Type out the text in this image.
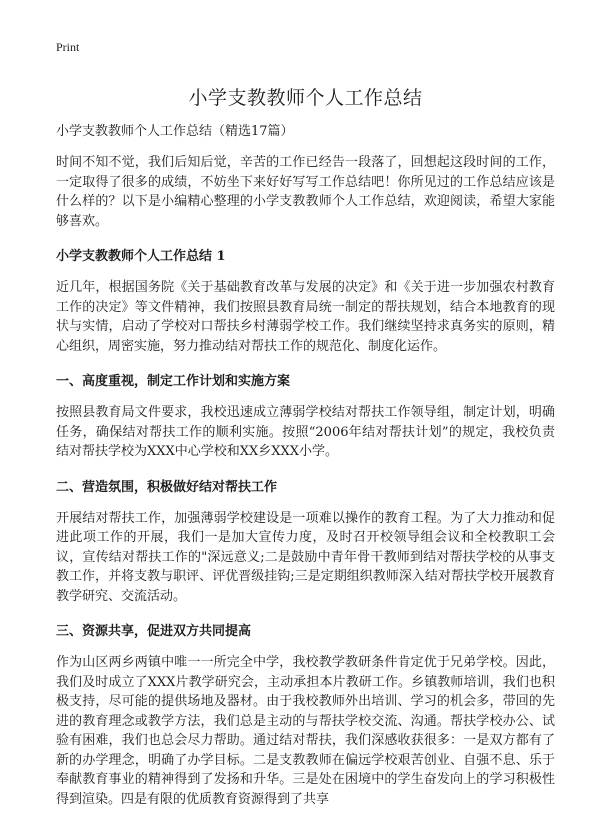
Print
小学支教教师个人工作总结
小学支教教师个人工作总结（精选17篇）

时间不知不觉，我们后知后觉，辛苦的工作已经告一段落了，回想起这段时间的工作，一定取得了很多的成绩，不妨坐下来好好写写工作总结吧！你所见过的工作总结应该是什么样的？以下是小编精心整理的小学支教教师个人工作总结，欢迎阅读，希望大家能够喜欢。

小学支教教师个人工作总结 1

近几年，根据国务院《关于基础教育改革与发展的决定》和《关于进一步加强农村教育工作的决定》等文件精神，我们按照县教育局统一制定的帮扶规划，结合本地教育的现状与实情，启动了学校对口帮扶乡村薄弱学校工作。我们继续坚持求真务实的原则，精心组织，周密实施，努力推动结对帮扶工作的规范化、制度化运作。

一、高度重视，制定工作计划和实施方案

按照县教育局文件要求，我校迅速成立薄弱学校结对帮扶工作领导组，制定计划，明确任务，确保结对帮扶工作的顺利实施。按照“2006年结对帮扶计划”的规定，我校负责结对帮扶学校为XXX中心学校和XX乡XXX小学。

二、营造氛围，积极做好结对帮扶工作

开展结对帮扶工作，加强薄弱学校建设是一项难以操作的教育工程。为了大力推动和促进此项工作的开展，我们一是加大宣传力度，及时召开校领导组会议和全校教职工会议，宣传结对帮扶工作的"深远意义;二是鼓励中青年骨干教师到结对帮扶学校的从事支教工作，并将支教与职评、评优晋级挂钩;三是定期组织教师深入结对帮扶学校开展教育教学研究、交流活动。

三、资源共享，促进双方共同提高

作为山区两乡两镇中唯一一所完全中学，我校教学教研条件肯定优于兄弟学校。因此，我们及时成立了XXX片教学研究会，主动承担本片教研工作。乡镇教师培训，我们也积极支持，尽可能的提供场地及器材。由于我校教师外出培训、学习的机会多，带回的先进的教育理念或教学方法，我们总是主动的与帮扶学校交流、沟通。帮扶学校办公、试验有困难，我们也总会尽力帮助。通过结对帮扶，我们深感收获很多：一是双方都有了新的办学理念，明确了办学目标。二是支教教师在偏远学校艰苦创业、自强不息、乐于奉献教育事业的精神得到了发扬和升华。三是处在困境中的学生奋发向上的学习积极性得到渲染。四是有限的优质教育资源得到了共享
